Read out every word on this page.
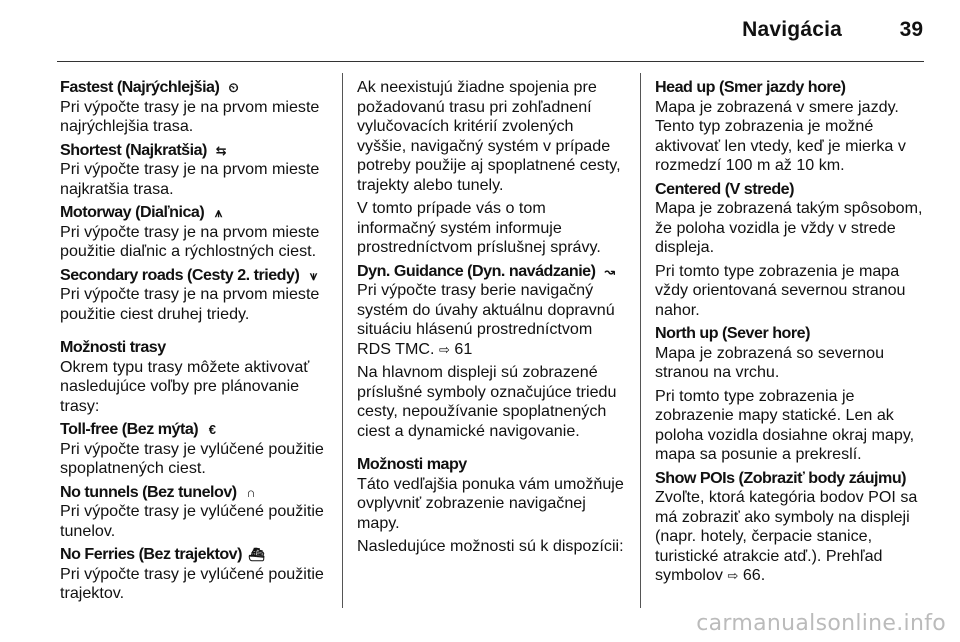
Navigácia	39
Fastest (Najrýchlejšia) ⏲
Pri výpočte trasy je na prvom mieste najrýchlejšia trasa.
Shortest (Najkratšia) ⇆
Pri výpočte trasy je na prvom mieste najkratšia trasa.
Motorway (Diaľnica) ⩚
Pri výpočte trasy je na prvom mieste použitie diaľnic a rýchlostných ciest.
Secondary roads (Cesty 2. triedy) ⩛
Pri výpočte trasy je na prvom mieste použitie ciest druhej triedy.
Možnosti trasy
Okrem typu trasy môžete aktivovať nasledujúce voľby pre plánovanie trasy:
Toll-free (Bez mýta) €
Pri výpočte trasy je vylúčené použitie spoplatnených ciest.
No tunnels (Bez tunelov) ∩
Pri výpočte trasy je vylúčené použitie tunelov.
No Ferries (Bez trajektov) ⛴
Pri výpočte trasy je vylúčené použitie trajektov.
Ak neexistujú žiadne spojenia pre požadovanú trasu pri zohľadnení vylučovacích kritérií zvolených vyššie, navigačný systém v prípade potreby použije aj spoplatnené cesty, trajekty alebo tunely.
V tomto prípade vás o tom informačný systém informuje prostredníctvom príslušnej správy.
Dyn. Guidance (Dyn. navádzanie) ↝
Pri výpočte trasy berie navigačný systém do úvahy aktuálnu dopravnú situáciu hlásenú prostredníctvom RDS TMC. ⇨ 61
Na hlavnom displeji sú zobrazené príslušné symboly označujúce triedu cesty, nepoužívanie spoplatnených ciest a dynamické navigovanie.
Možnosti mapy
Táto vedľajšia ponuka vám umožňuje ovplyvniť zobrazenie navigačnej mapy.
Nasledujúce možnosti sú k dispozícii:
Head up (Smer jazdy hore)
Mapa je zobrazená v smere jazdy. Tento typ zobrazenia je možné aktivovať len vtedy, keď je mierka v rozmedzí 100 m až 10 km.
Centered (V strede)
Mapa je zobrazená takým spôsobom, že poloha vozidla je vždy v strede displeja.
Pri tomto type zobrazenia je mapa vždy orientovaná severnou stranou nahor.
North up (Sever hore)
Mapa je zobrazená so severnou stranou na vrchu.
Pri tomto type zobrazenia je zobrazenie mapy statické. Len ak poloha vozidla dosiahne okraj mapy, mapa sa posunie a prekreslí.
Show POIs (Zobraziť body záujmu)
Zvoľte, ktorá kategória bodov POI sa má zobraziť ako symboly na displeji (napr. hotely, čerpacie stanice, turistické atrakcie atď.). Prehľad symbolov ⇨ 66.
carmanualsonline.info
